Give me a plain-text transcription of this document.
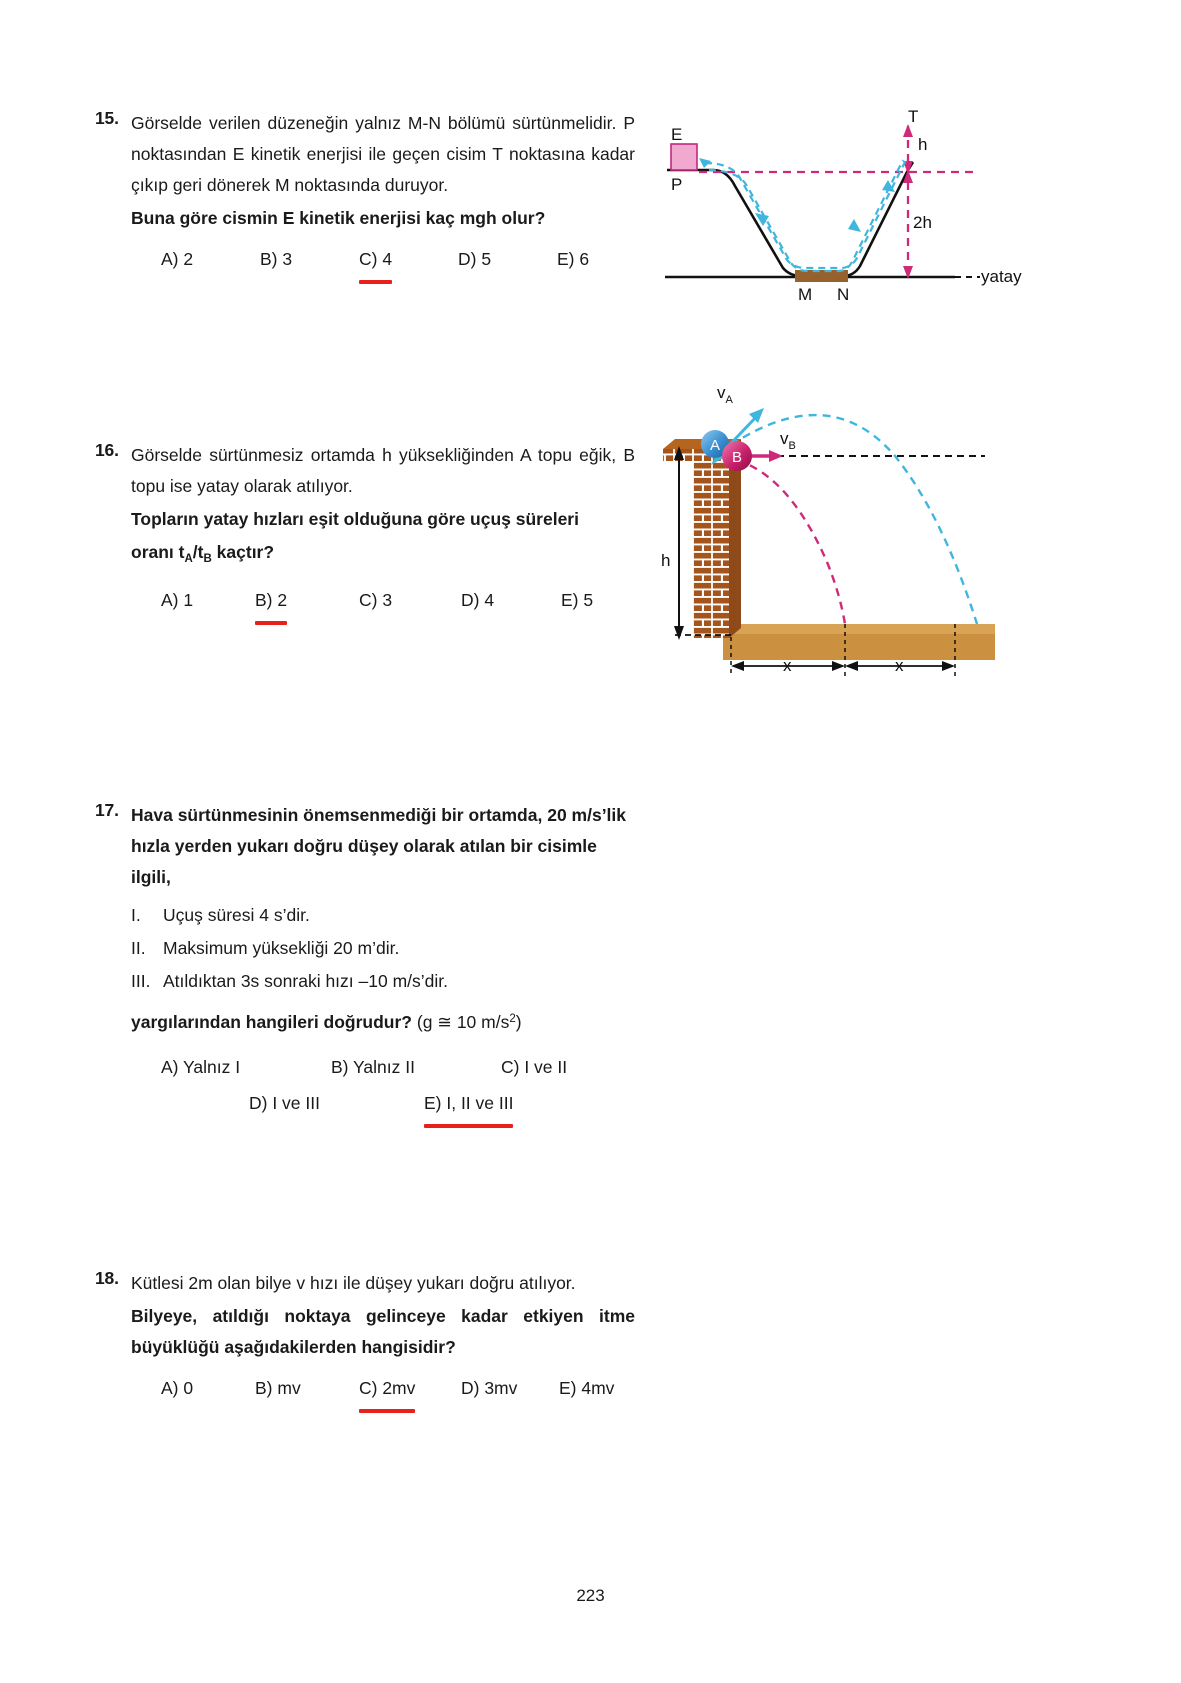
15. Görselde verilen düzeneğin yalnız M-N bölümü sürtünmelidir. P noktasından E kinetik enerjisi ile geçen cisim T noktasına kadar çıkıp geri dönerek M noktasında duruyor.
Buna göre cismin E kinetik enerjisi kaç mgh olur?
A) 2	B) 3	C) 4	D) 5	E) 6
E
P
T
h
2h
M N
yatay
16. Görselde sürtünmesiz ortamda h yüksekliğinden A topu eğik, B topu ise yatay olarak atılıyor.
Topların yatay hızları eşit olduğuna göre uçuş süreleri
oranı $t_A/t_B$ kaçtır?
A) 1	B) 2	C) 3	D) 4	E) 5
h
$v_A$
$v_B$
A
B
x	x
17. Hava sürtünmesinin önemsenmediği bir ortamda, 20 m/s’lik hızla yerden yukarı doğru düşey olarak atılan bir cisimle ilgili,
I.	Uçuş süresi 4 s’dir.
II. Maksimum yüksekliği 20 m’dir.
III. Atıldıktan 3s sonraki hızı –10 m/s’dir.
yargılarından hangileri doğrudur? (g ≅ 10 $m/s^2$)
A) Yalnız I	B) Yalnız II	C) I ve II
D) I ve III	E) I, II ve III
18. Kütlesi 2m olan bilye v hızı ile düşey yukarı doğru atılıyor.
Bilyeye, atıldığı noktaya gelinceye kadar etkiyen itme büyüklüğü aşağıdakilerden hangisidir?
A) 0	B) mv	C) 2mv	D) 3mv E) 4mv
223
